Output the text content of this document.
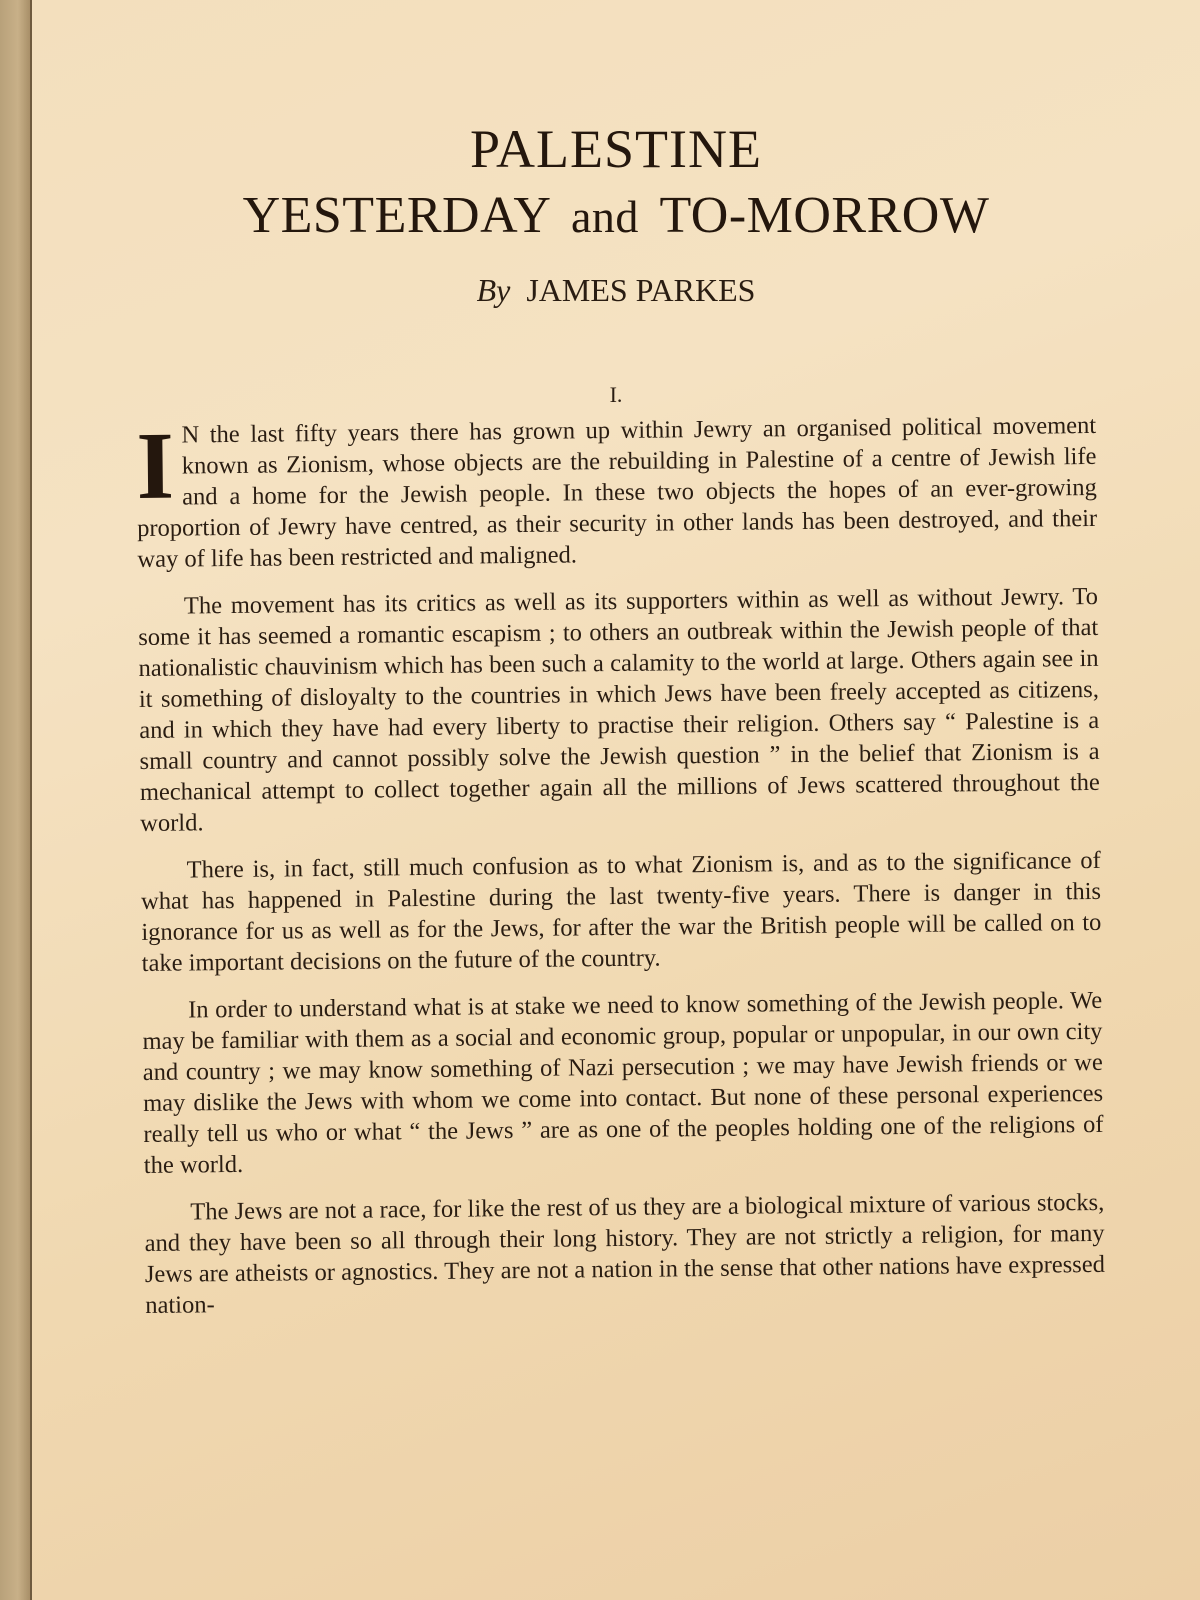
PALESTINE
YESTERDAY and TO-MORROW
By JAMES PARKES
I.

I N the last fifty years there has grown up within Jewry an organised political movement known as Zionism, whose objects are the rebuilding in Palestine of a centre of Jewish life and a home for the Jewish people. In these two objects the hopes of an ever-growing proportion of Jewry have centred, as their security in other lands has been destroyed, and their way of life has been restricted and maligned.

The movement has its critics as well as its supporters within as well as without Jewry. To some it has seemed a romantic escapism ; to others an outbreak within the Jewish people of that nationalistic chauvinism which has been such a calamity to the world at large. Others again see in it something of disloyalty to the countries in which Jews have been freely accepted as citizens, and in which they have had every liberty to practise their religion. Others say “ Palestine is a small country and cannot possibly solve the Jewish question ” in the belief that Zionism is a mechanical attempt to collect together again all the millions of Jews scattered throughout the world.

There is, in fact, still much confusion as to what Zionism is, and as to the significance of what has happened in Palestine during the last twenty-five years. There is danger in this ignorance for us as well as for the Jews, for after the war the British people will be called on to take important decisions on the future of the country.

In order to understand what is at stake we need to know something of the Jewish people. We may be familiar with them as a social and economic group, popular or unpopular, in our own city and country ; we may know something of Nazi persecution ; we may have Jewish friends or we may dislike the Jews with whom we come into contact. But none of these personal experiences really tell us who or what “ the Jews ” are as one of the peoples holding one of the religions of the world.

The Jews are not a race, for like the rest of us they are a biological mixture of various stocks, and they have been so all through their long history. They are not strictly a religion, for many Jews are atheists or agnostics. They are not a nation in the sense that other nations have expressed nation-
